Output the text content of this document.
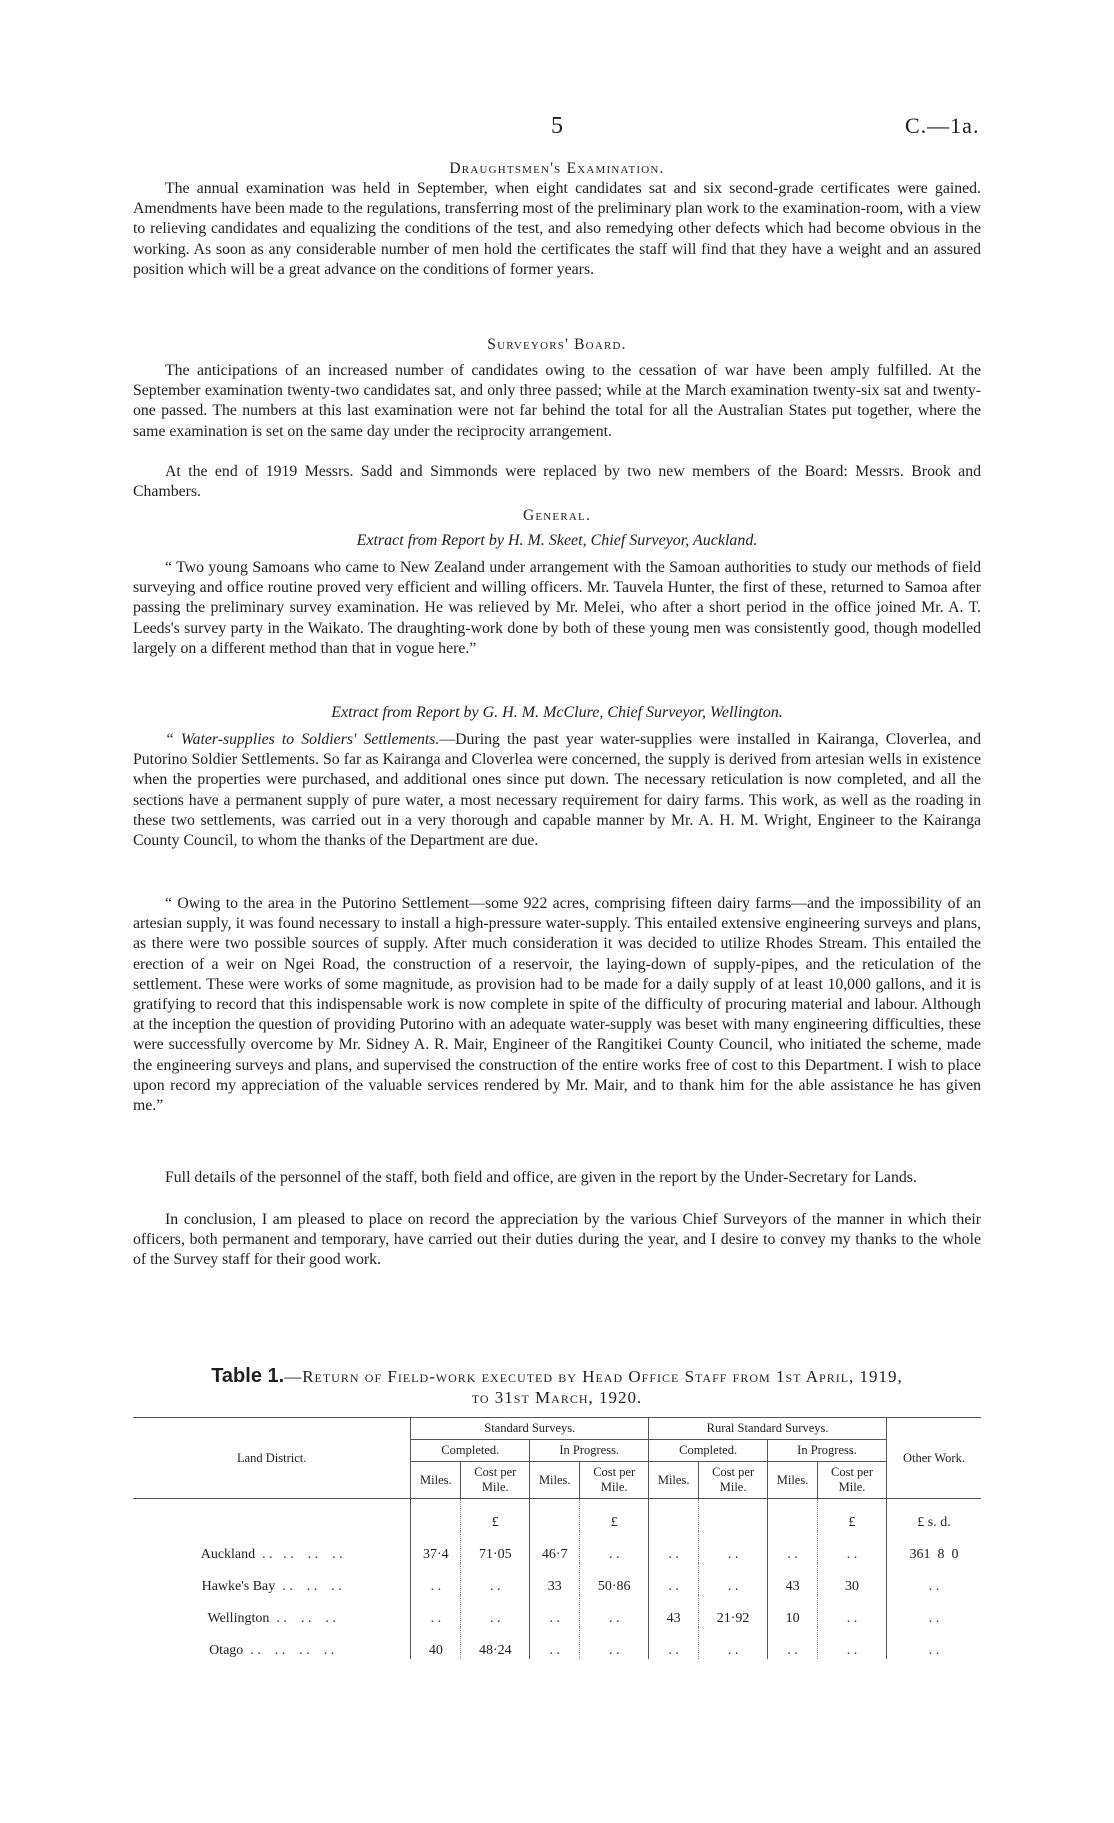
5	C.—1a.
Draughtsmen's Examination.

The annual examination was held in September, when eight candidates sat and six second-grade certificates were gained. Amendments have been made to the regulations, transferring most of the preliminary plan work to the examination-room, with a view to relieving candidates and equalizing the conditions of the test, and also remedying other defects which had become obvious in the working. As soon as any considerable number of men hold the certificates the staff will find that they have a weight and an assured position which will be a great advance on the conditions of former years.

Surveyors' Board.

The anticipations of an increased number of candidates owing to the cessation of war have been amply fulfilled. At the September examination twenty-two candidates sat, and only three passed; while at the March examination twenty-six sat and twenty-one passed. The numbers at this last examination were not far behind the total for all the Australian States put together, where the same examination is set on the same day under the reciprocity arrangement.

At the end of 1919 Messrs. Sadd and Simmonds were replaced by two new members of the Board: Messrs. Brook and Chambers.

General.
Extract from Report by H. M. Skeet, Chief Surveyor, Auckland.

“ Two young Samoans who came to New Zealand under arrangement with the Samoan authorities to study our methods of field surveying and office routine proved very efficient and willing officers. Mr. Tauvela Hunter, the first of these, returned to Samoa after passing the preliminary survey examination. He was relieved by Mr. Melei, who after a short period in the office joined Mr. A. T. Leeds's survey party in the Waikato. The draughting-work done by both of these young men was consistently good, though modelled largely on a different method than that in vogue here.”

Extract from Report by G. H. M. McClure, Chief Surveyor, Wellington.

“ Water-supplies to Soldiers' Settlements.—During the past year water-supplies were installed in Kairanga, Cloverlea, and Putorino Soldier Settlements. So far as Kairanga and Cloverlea were concerned, the supply is derived from artesian wells in existence when the properties were purchased, and additional ones since put down. The necessary reticulation is now completed, and all the sections have a permanent supply of pure water, a most necessary requirement for dairy farms. This work, as well as the roading in these two settlements, was carried out in a very thorough and capable manner by Mr. A. H. M. Wright, Engineer to the Kairanga County Council, to whom the thanks of the Department are due.

“ Owing to the area in the Putorino Settlement—some 922 acres, comprising fifteen dairy farms—and the impossibility of an artesian supply, it was found necessary to install a high-pressure water-supply. This entailed extensive engineering surveys and plans, as there were two possible sources of supply. After much consideration it was decided to utilize Rhodes Stream. This entailed the erection of a weir on Ngei Road, the construction of a reservoir, the laying-down of supply-pipes, and the reticulation of the settlement. These were works of some magnitude, as provision had to be made for a daily supply of at least 10,000 gallons, and it is gratifying to record that this indispensable work is now complete in spite of the difficulty of procuring material and labour. Although at the inception the question of providing Putorino with an adequate water-supply was beset with many engineering difficulties, these were successfully overcome by Mr. Sidney A. R. Mair, Engineer of the Rangitikei County Council, who initiated the scheme, made the engineering surveys and plans, and supervised the construction of the entire works free of cost to this Department. I wish to place upon record my appreciation of the valuable services rendered by Mr. Mair, and to thank him for the able assistance he has given me.”

Full details of the personnel of the staff, both field and office, are given in the report by the Under-Secretary for Lands.

In conclusion, I am pleased to place on record the appreciation by the various Chief Surveyors of the manner in which their officers, both permanent and temporary, have carried out their duties during the year, and I desire to convey my thanks to the whole of the Survey staff for their good work.

Table 1.—Return of Field-work executed by Head Office Staff from 1st April, 1919,
to 31st March, 1920.
Land District.	Standard Surveys.				Rural Standard Surveys.				Other Work.
	Completed.		In Progress.		Completed.		In Progress.		
	Miles.	Cost per Mile.	Miles.	Cost per Mile.	Miles.	Cost per Mile.	Miles.	Cost per Mile.	
		£		£				£	£ s. d.
Auckland . .   . .    . .    . .	37·4	71·05	46·7	. .	. .	. .	. .	. .	361  8  0
Hawke's Bay . .    . .    . .	. .	. .	33	50·86	. .	. .	43	30	. .
Wellington . .    . .    . .	. .	. .	. .	. .	43	21·92	10	. .	. .
Otago . .    . .    . .    . .	40	48·24	. .	. .	. .	. .	. .	. .	. .
